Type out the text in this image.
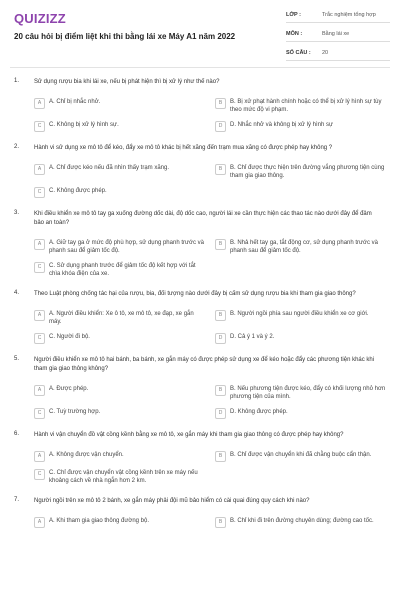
QUIZIZZ
20 câu hỏi bị điểm liệt khi thi bằng lái xe Máy A1 năm 2022
LỚP :	Trắc nghiệm tổng hợp
MÔN :	Bằng lái xe
SỐ CÂU :	20
1. Sử dụng rượu bia khi lái xe, nếu bị phát hiện thì bị xử lý như thế nào?
A	A. Chỉ bị nhắc nhở.	B	B. Bị xử phạt hành chính hoặc có thể bị xử lý hình sự tùy theo mức độ vi phạm.
C	C. Không bị xử lý hình sự.	D	D. Nhắc nhở và không bị xử lý hình sự
2. Hành vi sử dụng xe mô tô để kéo, đẩy xe mô tô khác bị hết xăng đến trạm mua xăng có được phép hay không ?
A	A. Chỉ được kéo nếu đã nhìn thấy trạm xăng.	B	B. Chỉ được thực hiện trên đường vắng phương tiện cùng tham gia giao thông.
C	C. Không được phép.
3. Khi điều khiển xe mô tô tay ga xuống đường dốc dài, độ dốc cao, người lái xe cần thực hiện các thao tác nào dưới đây để đảm bảo an toàn?
A	A. Giữ tay ga ở mức độ phù hợp, sử dụng phanh trước và phanh sau để giảm tốc độ.
B	B. Nhả hết tay ga, tắt động cơ, sử dụng phanh trước và phanh sau để giảm tốc độ.
C	C. Sử dụng phanh trước để giảm tốc độ kết hợp với tắt chìa khóa điện của xe.
4. Theo Luật phòng chống tác hại của rượu, bia, đối tượng nào dưới đây bị cấm sử dụng rượu bia khi tham gia giao thông?
A	A. Người điều khiển: Xe ô tô, xe mô tô, xe đạp, xe gắn máy.
B	B. Người ngồi phía sau người điều khiển xe cơ giới.
C	C. Người đi bộ.	D	D. Cả ý 1 và ý 2.
5. Người điều khiển xe mô tô hai bánh, ba bánh, xe gắn máy có được phép sử dụng xe để kéo hoặc đẩy các phương tiện khác khi tham gia giao thông không?
A	A. Được phép.	B	B. Nếu phương tiện được kéo, đẩy có khối lượng nhỏ hơn phương tiện của mình.
C	C. Tuỳ trường hợp.	D	D. Không được phép.
6. Hành vi vận chuyển đồ vật cồng kềnh bằng xe mô tô, xe gắn máy khi tham gia giao thông có được phép hay không?
A	A. Không được vận chuyển.	B	B. Chỉ được vận chuyển khi đã chằng buộc cẩn thận.
C	C. Chỉ được vận chuyển vật cồng kềnh trên xe máy nếu khoảng cách về nhà ngắn hơn 2 km.
7. Người ngồi trên xe mô tô 2 bánh, xe gắn máy phải đội mũ bảo hiểm có cài quai đúng quy cách khi nào?
A	A. Khi tham gia giao thông đường bộ.	B	B. Chỉ khi đi trên đường chuyên dùng; đường cao tốc.
